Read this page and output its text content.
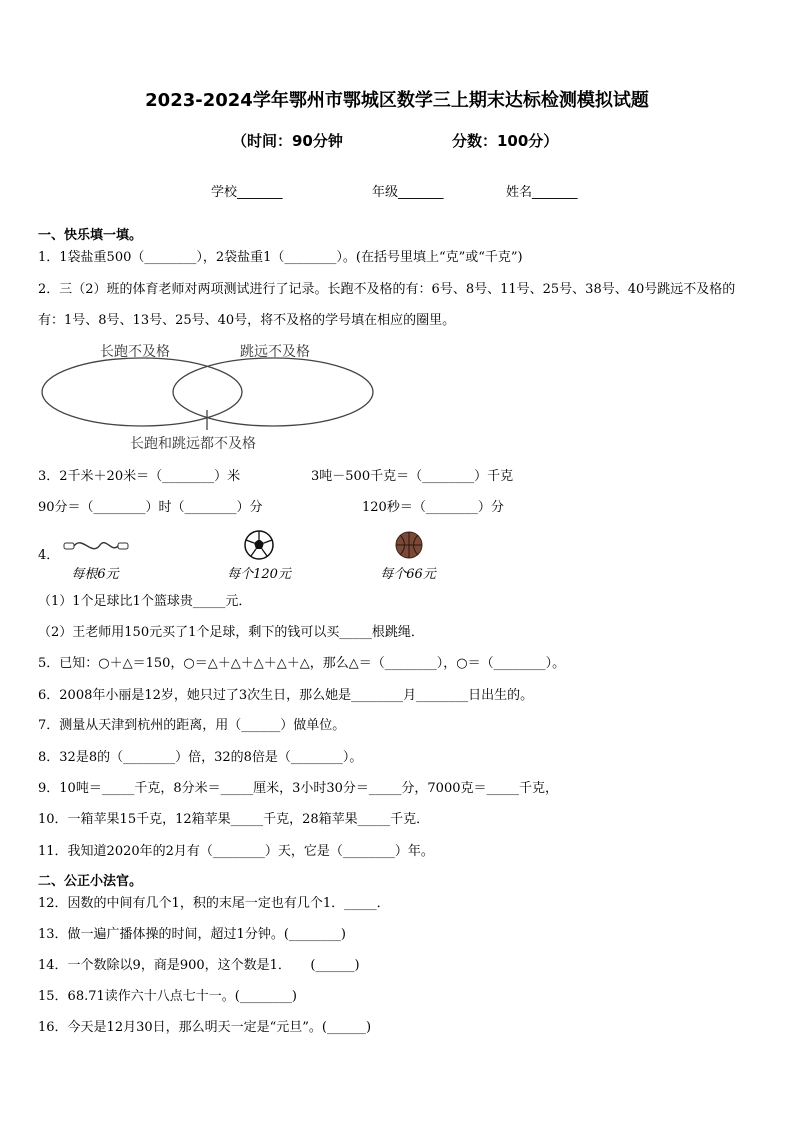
2023-2024学年鄂州市鄂城区数学三上期末达标检测模拟试题
（时间：90分钟	分数：100分）
学校_______	年级_______	姓名_______
一、快乐填一填。
1．1袋盐重500（________），2袋盐重1（________）。(在括号里填上“克”或“千克”)
2．三（2）班的体育老师对两项测试进行了记录。长跑不及格的有：6号、8号、11号、25号、38号、40号跳远不及格的有：1号、8号、13号、25号、40号，将不及格的学号填在相应的圈里。
长跑不及格	跳远不及格
长跑和跳远都不及格
3．2千米＋20米＝（________）米	3吨－500千克＝（________）千克
90分＝（________）时（________）分	120秒＝（________）分
4．
每根6元	每个120元	每个66元
（1）1个足球比1个篮球贵_____元．
（2）王老师用150元买了1个足球，剩下的钱可以买_____根跳绳．
5．已知：○＋△＝150，○＝△＋△＋△＋△＋△，那么△＝（________），○＝（________）。
6．2008年小丽是12岁，她只过了3次生日，那么她是________月________日出生的。
7．测量从天津到杭州的距离，用（______）做单位。
8．32是8的（________）倍，32的8倍是（________）。
9．10吨＝_____千克，8分米＝_____厘米，3小时30分＝_____分，7000克＝_____千克，
10．一箱苹果15千克，12箱苹果_____千克，28箱苹果_____千克．
11．我知道2020年的2月有（________）天，它是（________）年。
二、公正小法官。
12．因数的中间有几个1，积的末尾一定也有几个1．_____．
13．做一遍广播体操的时间，超过1分钟。(________)
14．一个数除以9，商是900，这个数是1．　　(______)
15．68.71读作六十八点七十一。(________)
16．今天是12月30日，那么明天一定是“元旦”。(______)
